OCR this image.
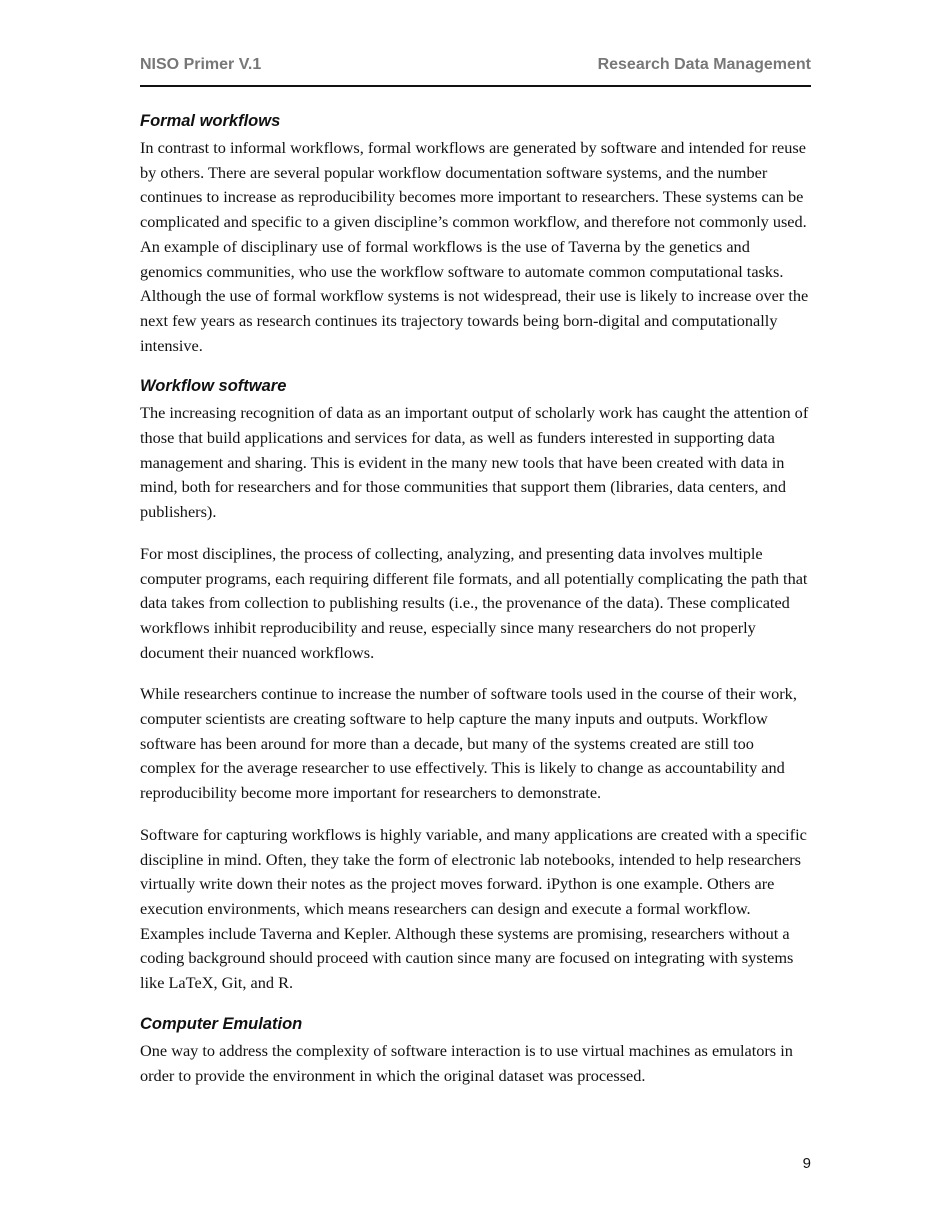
NISO Primer V.1	Research Data Management
Formal workflows

In contrast to informal workflows, formal workflows are generated by software and intended for reuse by others. There are several popular workflow documentation software systems, and the number continues to increase as reproducibility becomes more important to researchers. These systems can be complicated and specific to a given discipline’s common workflow, and therefore not commonly used. An example of disciplinary use of formal workflows is the use of Taverna by the genetics and genomics communities, who use the workflow software to automate common computational tasks. Although the use of formal workflow systems is not widespread, their use is likely to increase over the next few years as research continues its trajectory towards being born-digital and computationally intensive.

Workflow software

The increasing recognition of data as an important output of scholarly work has caught the attention of those that build applications and services for data, as well as funders interested in supporting data management and sharing. This is evident in the many new tools that have been created with data in mind, both for researchers and for those communities that support them (libraries, data centers, and publishers).

For most disciplines, the process of collecting, analyzing, and presenting data involves multiple computer programs, each requiring different file formats, and all potentially complicating the path that data takes from collection to publishing results (i.e., the provenance of the data). These complicated workflows inhibit reproducibility and reuse, especially since many researchers do not properly document their nuanced workflows.

While researchers continue to increase the number of software tools used in the course of their work, computer scientists are creating software to help capture the many inputs and outputs. Workflow software has been around for more than a decade, but many of the systems created are still too complex for the average researcher to use effectively. This is likely to change as accountability and reproducibility become more important for researchers to demonstrate.

Software for capturing workflows is highly variable, and many applications are created with a specific discipline in mind. Often, they take the form of electronic lab notebooks, intended to help researchers virtually write down their notes as the project moves forward. iPython is one example. Others are execution environments, which means researchers can design and execute a formal workflow. Examples include Taverna and Kepler. Although these systems are promising, researchers without a coding background should proceed with caution since many are focused on integrating with systems like LaTeX, Git, and R.

Computer Emulation

One way to address the complexity of software interaction is to use virtual machines as emulators in order to provide the environment in which the original dataset was processed.

9
